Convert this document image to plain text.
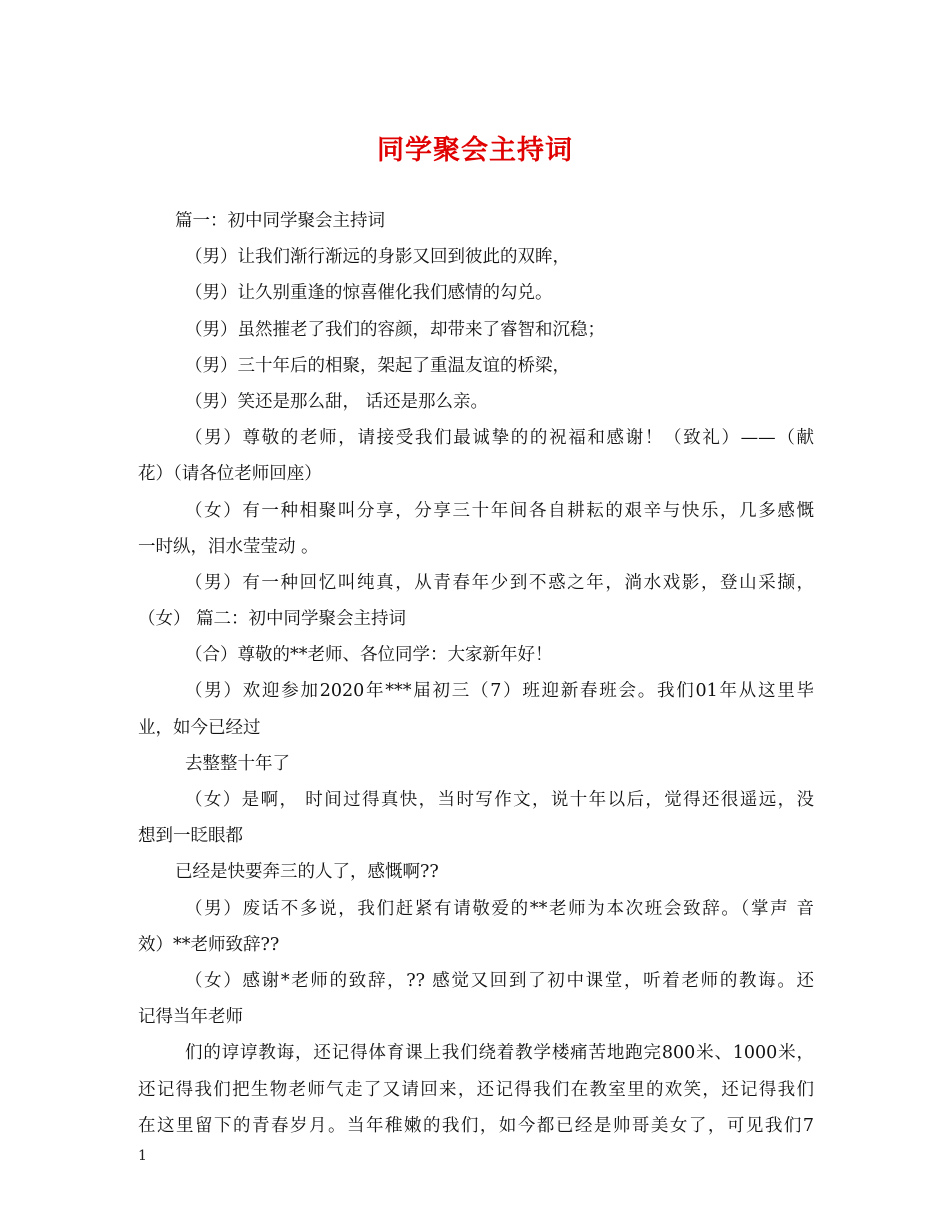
同学聚会主持词
篇一：初中同学聚会主持词
（男）让我们渐行渐远的身影又回到彼此的双眸，
（男）让久别重逢的惊喜催化我们感情的勾兑。
（男）虽然摧老了我们的容颜，却带来了睿智和沉稳；
（男）三十年后的相聚，架起了重温友谊的桥梁，
（男）笑还是那么甜， 话还是那么亲。
（男）尊敬的老师，请接受我们最诚挚的的祝福和感谢！（致礼）——（献
花）（请各位老师回座）
（女）有一种相聚叫分享，分享三十年间各自耕耘的艰辛与快乐，几多感慨
一时纵，泪水莹莹动 。
（男）有一种回忆叫纯真，从青春年少到不惑之年，淌水戏影，登山采撷，
（女） 篇二：初中同学聚会主持词
（合）尊敬的**老师、各位同学：大家新年好！
（男）欢迎参加2020年***届初三（7）班迎新春班会。我们01年从这里毕
业，如今已经过
去整整十年了
（女）是啊， 时间过得真快，当时写作文，说十年以后，觉得还很遥远，没
想到一眨眼都
已经是快要奔三的人了，感慨啊??
（男）废话不多说，我们赶紧有请敬爱的**老师为本次班会致辞。（掌声 音
效）**老师致辞??
（女）感谢*老师的致辞，?? 感觉又回到了初中课堂，听着老师的教诲。还
记得当年老师
们的谆谆教诲，还记得体育课上我们绕着教学楼痛苦地跑完800米、1000米，
还记得我们把生物老师气走了又请回来，还记得我们在教室里的欢笑，还记得我们
在这里留下的青春岁月。当年稚嫩的我们，如今都已经是帅哥美女了，可见我们7
1
